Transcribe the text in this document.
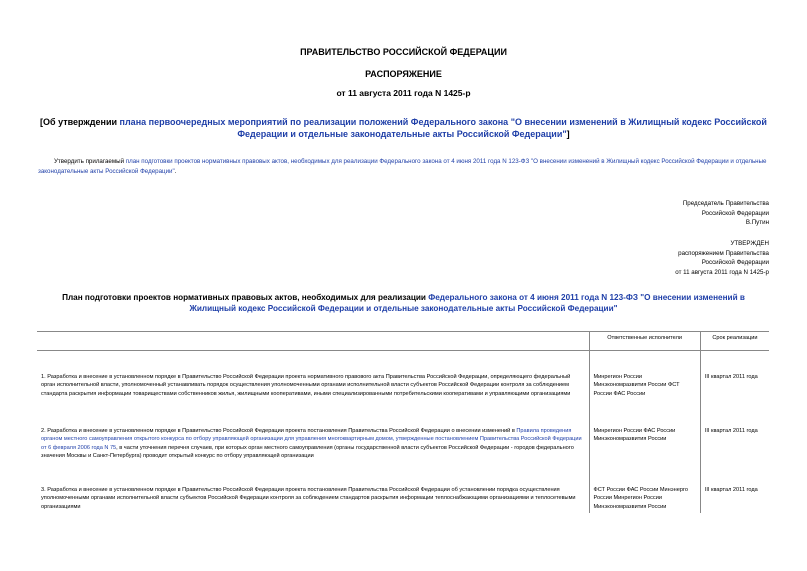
ПРАВИТЕЛЬСТВО РОССИЙСКОЙ ФЕДЕРАЦИИ
РАСПОРЯЖЕНИЕ
от 11 августа 2011 года N 1425-р
[Об утверждении плана первоочередных мероприятий по реализации положений Федерального закона "О внесении изменений в Жилищный кодекс Российской Федерации и отдельные законодательные акты Российской Федерации"]
Утвердить прилагаемый план подготовки проектов нормативных правовых актов, необходимых для реализации Федерального закона от 4 июня 2011 года N 123-ФЗ "О внесении изменений в Жилищный кодекс Российской Федерации и отдельные законодательные акты Российской Федерации".
Председатель Правительства
Российской Федерации
В.Путин
УТВЕРЖДЕН
распоряжением Правительства
Российской Федерации
от 11 августа 2011 года N 1425-р
План подготовки проектов нормативных правовых актов, необходимых для реализации Федерального закона от 4 июня 2011 года N 123-ФЗ "О внесении изменений в Жилищный кодекс Российской Федерации и отдельные законодательные акты Российской Федерации"
	Ответственные исполнители	Срок реализации
1. Разработка и внесение в установленном порядке в Правительство Российской Федерации проекта нормативного правового акта Правительства Российской Федерации, определяющего федеральный орган исполнительной власти, уполномоченный устанавливать порядок осуществления уполномоченными органами исполнительной власти субъектов Российской Федерации контроля за соблюдением стандарта раскрытия информации товариществами собственников жилья, жилищными кооперативами, иными специализированными потребительскими кооперативами и управляющими организациями	Минрегион России Минэкономразвития России ФСТ России ФАС России	III квартал 2011 года
2. Разработка и внесение в установленном порядке в Правительство Российской Федерации проекта постановления Правительства Российской Федерации о внесении изменений в Правила проведения органом местного самоуправления открытого конкурса по отбору управляющей организации для управления многоквартирным домом, утвержденные постановлением Правительства Российской Федерации от 6 февраля 2006 года N 75, в части уточнения перечня случаев, при которых орган местного самоуправления (органы государственной власти субъектов Российской Федерации - городов федерального значения Москвы и Санкт-Петербурга) проводит открытый конкурс по отбору управляющей организации	Минрегион России ФАС России Минэкономразвития России	III квартал 2011 года
3. Разработка и внесение в установленном порядке в Правительство Российской Федерации проекта постановления Правительства Российской Федерации об установлении порядка осуществления уполномоченными органами исполнительной власти субъектов Российской Федерации контроля за соблюдением стандартов раскрытия информации теплоснабжающими организациями и теплосетевыми организациями	ФСТ России ФАС России Минэнерго России Минрегион России Минэкономразвития России	III квартал 2011 года
